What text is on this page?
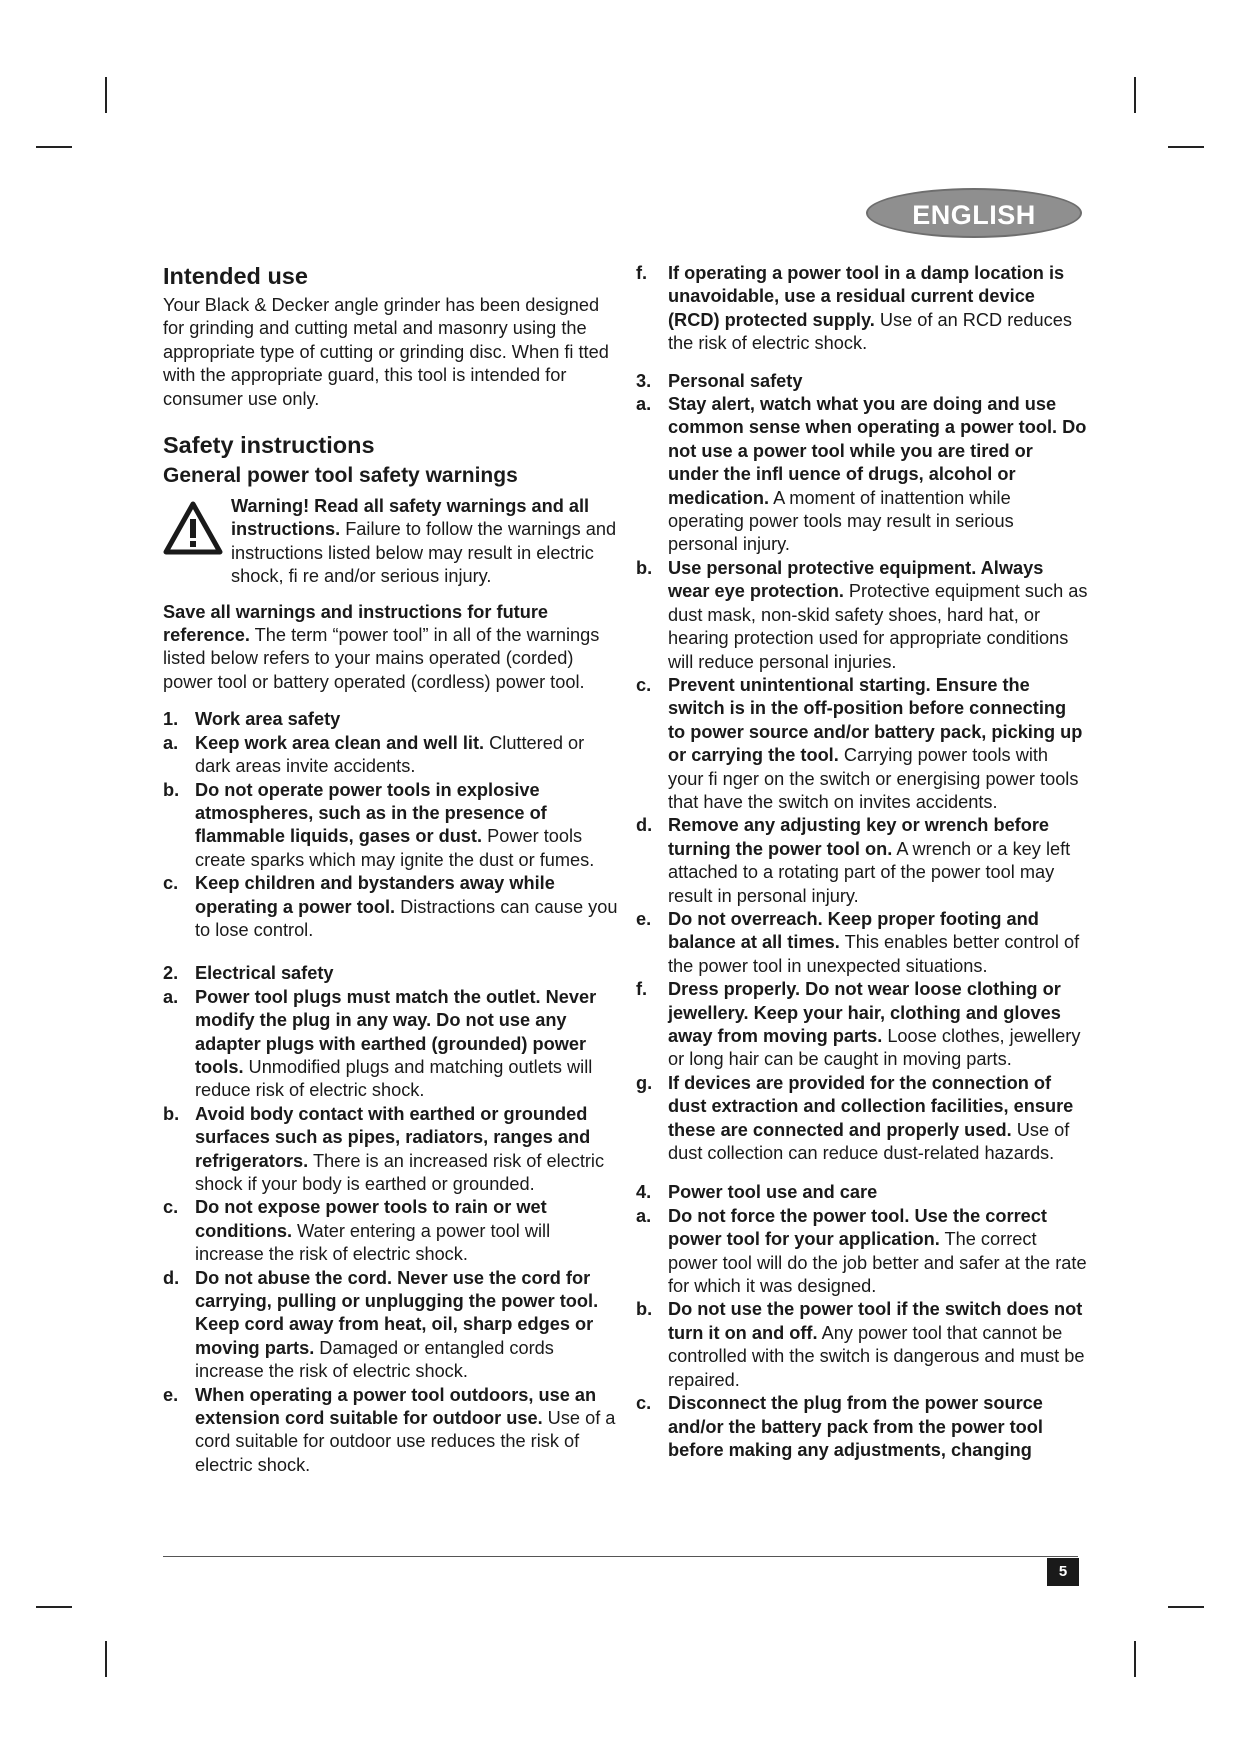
ENGLISH
Intended use

Your Black & Decker angle grinder has been designed for grinding and cutting metal and masonry using the appropriate type of cutting or grinding disc. When fi tted with the appropriate guard, this tool is intended for consumer use only.

Safety instructions
General power tool safety warnings
Warning! Read all safety warnings and all instructions. Failure to follow the warnings and instructions listed below may result in electric shock, fi re and/or serious injury.

Save all warnings and instructions for future reference. The term “power tool” in all of the warnings listed below refers to your mains operated (corded) power tool or battery operated (cordless) power tool.

1. Work area safety
a. Keep work area clean and well lit. Cluttered or dark areas invite accidents.
b. Do not operate power tools in explosive atmospheres, such as in the presence of flammable liquids, gases or dust. Power tools create sparks which may ignite the dust or fumes.
c. Keep children and bystanders away while operating a power tool. Distractions can cause you to lose control.
2. Electrical safety
a. Power tool plugs must match the outlet. Never modify the plug in any way. Do not use any adapter plugs with earthed (grounded) power tools. Unmodified plugs and matching outlets will reduce risk of electric shock.
b. Avoid body contact with earthed or grounded surfaces such as pipes, radiators, ranges and refrigerators. There is an increased risk of electric shock if your body is earthed or grounded.
c. Do not expose power tools to rain or wet conditions. Water entering a power tool will increase the risk of electric shock.
d. Do not abuse the cord. Never use the cord for carrying, pulling or unplugging the power tool. Keep cord away from heat, oil, sharp edges or moving parts. Damaged or entangled cords increase the risk of electric shock.
e. When operating a power tool outdoors, use an extension cord suitable for outdoor use. Use of a cord suitable for outdoor use reduces the risk of electric shock.
f.	If operating a power tool in a damp location is unavoidable, use a residual current device (RCD) protected supply. Use of an RCD reduces the risk of electric shock.
3. Personal safety
a. Stay alert, watch what you are doing and use common sense when operating a power tool. Do not use a power tool while you are tired or under the infl uence of drugs, alcohol or medication. A moment of inattention while operating power tools may result in serious personal injury.
b. Use personal protective equipment. Always wear eye protection. Protective equipment such as dust mask, non-skid safety shoes, hard hat, or hearing protection used for appropriate conditions will reduce personal injuries.
c. Prevent unintentional starting. Ensure the switch is in the off-position before connecting to power source and/or battery pack, picking up or carrying the tool. Carrying power tools with your fi nger on the switch or energising power tools that have the switch on invites accidents.
d. Remove any adjusting key or wrench before turning the power tool on. A wrench or a key left attached to a rotating part of the power tool may result in personal injury.
e. Do not overreach. Keep proper footing and balance at all times. This enables better control of the power tool in unexpected situations.
f.	Dress properly. Do not wear loose clothing or jewellery. Keep your hair, clothing and gloves away from moving parts. Loose clothes, jewellery or long hair can be caught in moving parts.
g. If devices are provided for the connection of dust extraction and collection facilities, ensure these are connected and properly used. Use of dust collection can reduce dust-related hazards.
4. Power tool use and care
a. Do not force the power tool. Use the correct power tool for your application. The correct power tool will do the job better and safer at the rate for which it was designed.
b. Do not use the power tool if the switch does not turn it on and off. Any power tool that cannot be controlled with the switch is dangerous and must be repaired.
c. Disconnect the plug from the power source and/or the battery pack from the power tool before making any adjustments, changing
5
